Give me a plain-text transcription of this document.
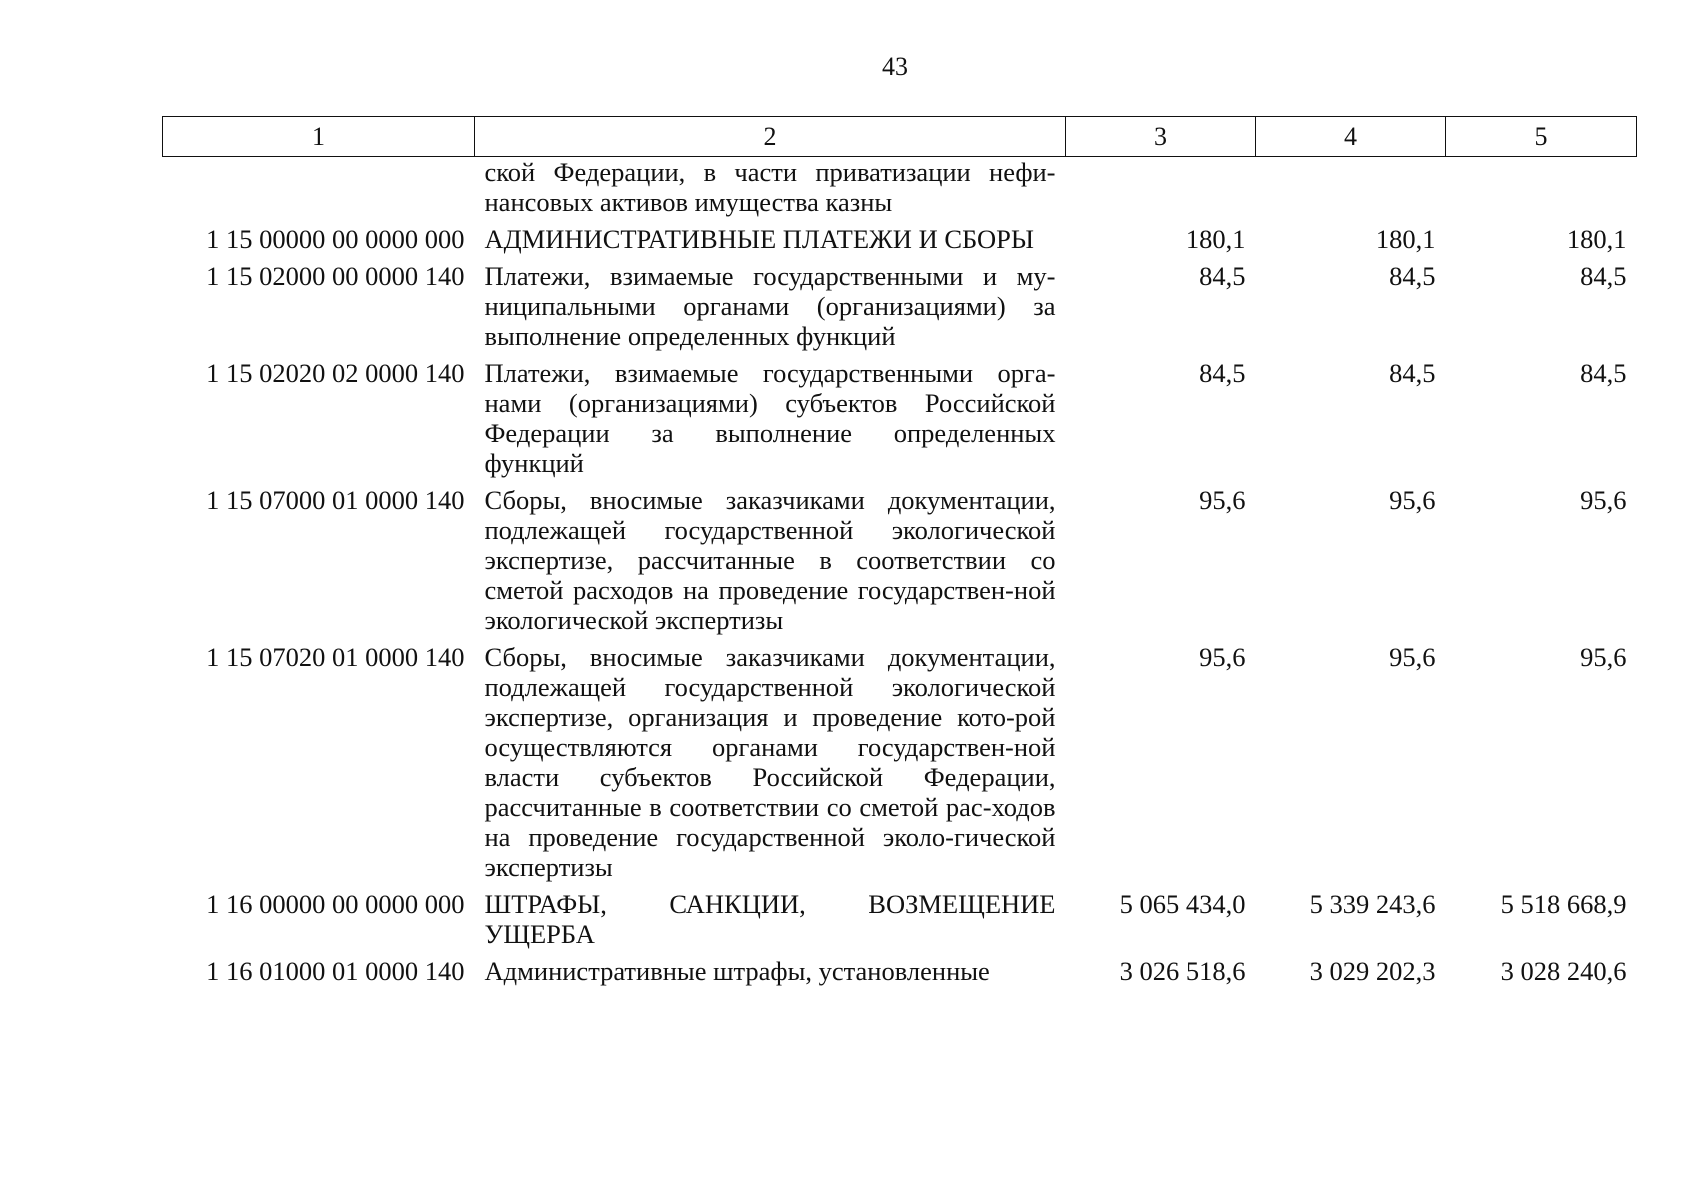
43
1	2	3	4	5
	ской Федерации, в части приватизации нефи-нансовых активов имущества казны			
1 15 00000 00 0000 000	АДМИНИСТРАТИВНЫЕ ПЛАТЕЖИ И СБОРЫ	180,1	180,1	180,1
1 15 02000 00 0000 140	Платежи, взимаемые государственными и му-ниципальными органами (организациями) за выполнение определенных функций	84,5	84,5	84,5
1 15 02020 02 0000 140	Платежи, взимаемые государственными орга-нами (организациями) субъектов Российской Федерации за выполнение определенных функций	84,5	84,5	84,5
1 15 07000 01 0000 140	Сборы, вносимые заказчиками документации, подлежащей государственной экологической экспертизе, рассчитанные в соответствии со сметой расходов на проведение государствен-ной экологической экспертизы	95,6	95,6	95,6
1 15 07020 01 0000 140	Сборы, вносимые заказчиками документации, подлежащей государственной экологической экспертизе, организация и проведение кото-рой осуществляются органами государствен-ной власти субъектов Российской Федерации, рассчитанные в соответствии со сметой рас-ходов на проведение государственной эколо-гической экспертизы	95,6	95,6	95,6
1 16 00000 00 0000 000	ШТРАФЫ, САНКЦИИ, ВОЗМЕЩЕНИЕ УЩЕРБА	5 065 434,0	5 339 243,6	5 518 668,9
1 16 01000 01 0000 140	Административные штрафы, установленные	3 026 518,6	3 029 202,3	3 028 240,6
